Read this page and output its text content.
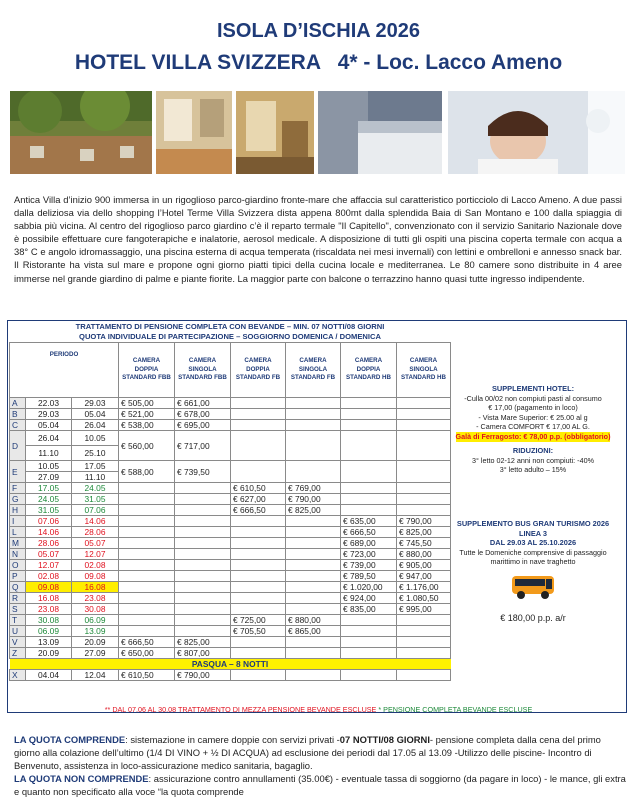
ISOLA D’ISCHIA 2026
HOTEL VILLA SVIZZERA   4* - Loc. Lacco Ameno
Antica Villa d’inizio 900 immersa in un rigoglioso parco-giardino fronte-mare che affaccia sul caratteristico porticciolo di Lacco Ameno. A due passi dalla deliziosa via dello shopping l’Hotel Terme Villa Svizzera dista appena 800mt dalla splendida Baia di San Montano e 100 dalla spiaggia di sabbia più vicina. Al centro del rigoglioso parco giardino c’è il reparto termale "Il Capitello", convenzionato con il servizio Sanitario Nazionale dove è possibile effettuare cure fangoterapiche e inalatorie, aerosol medicale. A disposizione di tutti gli ospiti una piscina coperta termale con acqua a 38° C e angolo idromassaggio, una piscina esterna di acqua temperata (riscaldata nei mesi invernali) con lettini e ombrelloni e annesso snack bar. Il Ristorante ha vista sul mare e propone ogni giorno piatti tipici della cucina locale e mediterranea. Le 80 camere sono distribuite in 4 aree immerse nel grande giardino di palme e piante fiorite. La maggior parte con balcone o terrazzino hanno quasi tutte ingresso indipendente.
TRATTAMENTO DI PENSIONE COMPLETA CON BEVANDE – MIN. 07 NOTTI/08 GIORNI
QUOTA INDIVIDUALE DI PARTECIPAZIONE – SOGGIORNO DOMENICA / DOMENICA								

PERIODO			CAMERA DOPPIA STANDARD FBB	CAMERA SINGOLA STANDARD FBB	CAMERA DOPPIA STANDARD FB	CAMERA SINGOLA STANDARD FB	CAMERA DOPPIA STANDARD HB	CAMERA SINGOLA STANDARD HB
A	22.03	29.03	€ 505,00	€ 661,00				
B	29.03	05.04	€ 521,00	€ 678,00				
C	05.04	26.04	€ 538,00	€ 695,00				
D	26.04	10.05	€ 560,00	€ 717,00				
	11.10	25.10						
E	10.05	17.05	€ 588,00	€ 739,50				
	27.09	11.10						
F	17.05	24.05			€ 610,50	€ 769,00		
G	24.05	31.05			€ 627,00	€ 790,00		
H	31.05	07.06			€ 666,50	€ 825,00		
I	07.06	14.06					€ 635,00	€ 790,00
L	14.06	28.06					€ 666,50	€ 825,00
M	28.06	05.07					€ 689,00	€ 745,50
N	05.07	12.07					€ 723,00	€ 880,00
O	12.07	02.08					€ 739,00	€ 905,00
P	02.08	09.08					€ 789,50	€ 947,00
Q	09.08	16.08					€ 1.020,00	€ 1.176,00
R	16.08	23.08					€ 924,00	€ 1.080,50
S	23.08	30.08					€ 835,00	€ 995,00
T	30.08	06.09			€ 725,00	€ 880,00		
U	06.09	13.09			€ 705,50	€ 865,00		
V	13.09	20.09	€ 666,50	€ 825,00				
Z	20.09	27.09	€ 650,00	€ 807,00				
PASQUA – 8 NOTTI								
X	04.04	12.04	€ 610,50	€ 790,00				
SUPPLEMENTI HOTEL:
-Culla 00/02 non compiuti pasti al consumo
€ 17,00 (pagamento in loco)
- Vista Mare Superior: € 25.00 al g
- Camera COMFORT € 17,00 AL G.
Galà di Ferragosto: € 78,00 p.p. (obbligatorio)
RIDUZIONI:
3° letto 02-12 anni non compiuti: -40%
3° letto adulto – 15%
SUPPLEMENTO BUS GRAN TURISMO 2026
LINEA 3
DAL 29.03 AL 25.10.2026
Tutte le Domeniche comprensive di passaggio
marittimo in nave traghetto
€ 180,00 p.p. a/r
** DAL 07.06 AL 30.08 TRATTAMENTO DI MEZZA PENSIONE BEVANDE ESCLUSE * PENSIONE COMPLETA BEVANDE ESCLUSE
LA QUOTA COMPRENDE: sistemazione in camere doppie con servizi privati -07 NOTTI/08 GIORNI- pensione completa dalla cena del primo giorno alla colazione dell’ultimo (1/4 DI VINO + ½ DI ACQUA) ad esclusione dei periodi dal 17.05 al 13.09 -Utilizzo delle piscine- Incontro di Benvenuto, assistenza in loco-assicurazione medico sanitaria, bagaglio.
LA QUOTA NON COMPRENDE: assicurazione contro annullamenti (35.00€) - eventuale tassa di soggiorno (da pagare in loco) - le mance, gli extra e quanto non specificato alla voce “la quota comprende
